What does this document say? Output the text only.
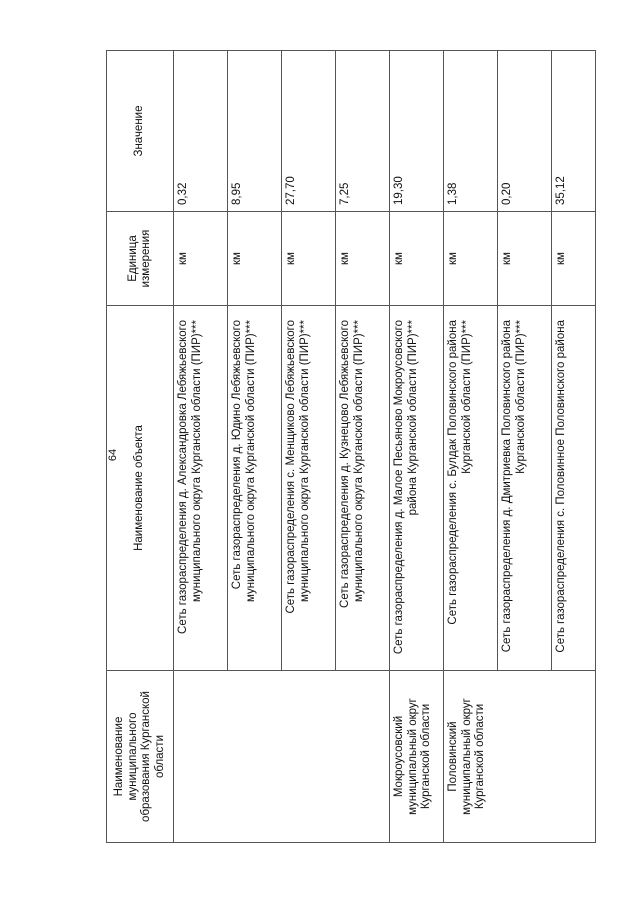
64
Наименование муниципального образования Курганской области	Наименование объекта	Единица измерения	Значение
	Сеть газораспределения д. Александровка Лебяжьевского муниципального округа Курганской области (ПИР)***	км	0,32
	Сеть газораспределения д. Юдино Лебяжьевского муниципального округа Курганской области (ПИР)***	км	8,95
	Сеть газораспределения с. Менщиково Лебяжьевского муниципального округа Курганской области (ПИР)***	км	27,70
	Сеть газораспределения д. Кузнецово Лебяжьевского муниципального округа Курганской области (ПИР)***	км	7,25
Мокроусовский муниципальный округ Курганской области	Сеть газораспределения д. Малое Песьяново Мокроусовского района Курганской области (ПИР)***	км	19,30
Половинский муниципальный округ Курганской области	Сеть газораспределения с. Булдак Половинского района Курганской области (ПИР)***	км	1,38
	Сеть газораспределения д. Дмитриевка Половинского района Курганской области (ПИР)***	км	0,20
	Сеть газораспределения с. Половинное Половинского района	км	35,12
